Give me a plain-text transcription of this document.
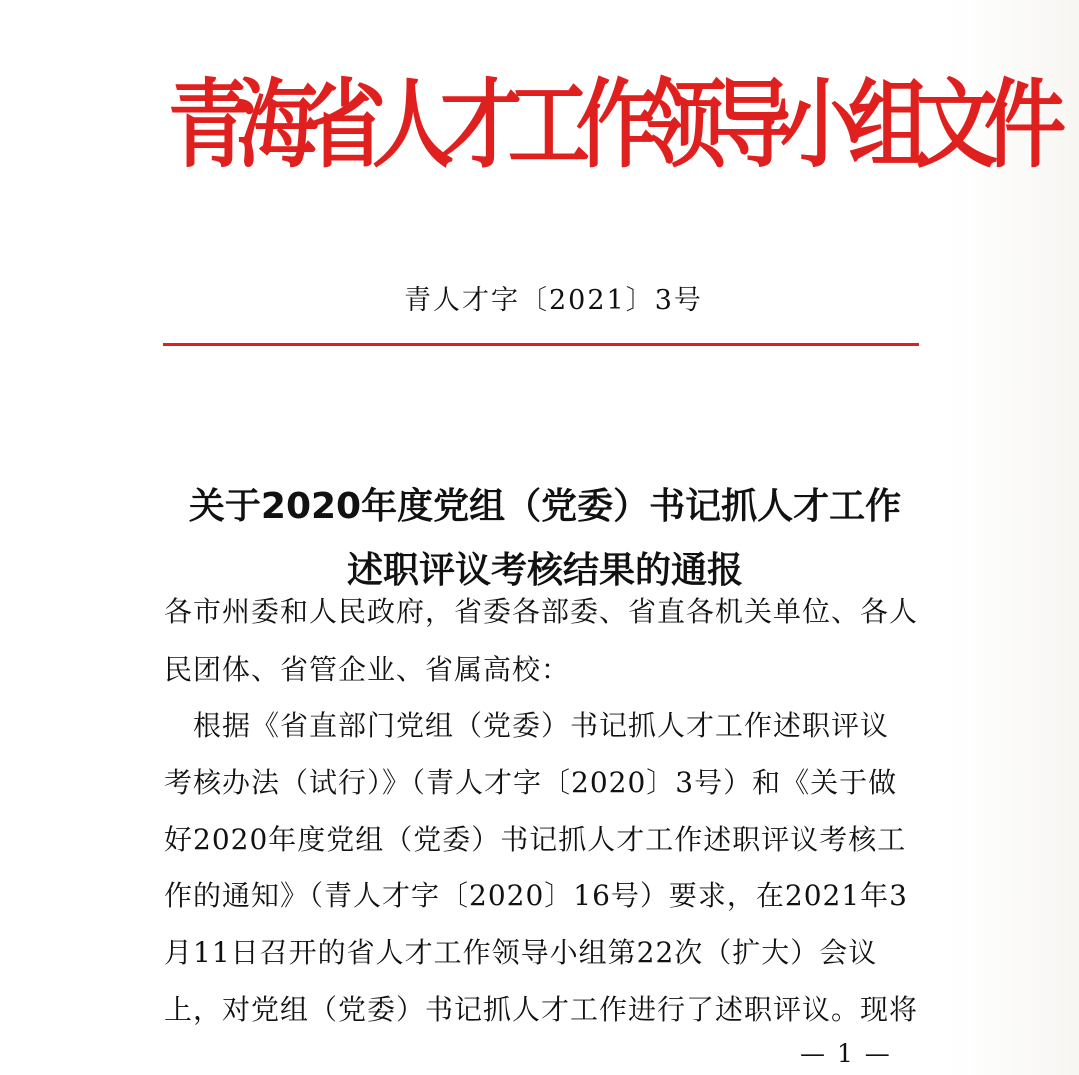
青海省人才工作领导小组文件
青人才字〔2021〕3号
关于2020年度党组（党委）书记抓人才工作
述职评议考核结果的通报
各市州委和人民政府，省委各部委、省直各机关单位、各人
民团体、省管企业、省属高校：
　根据《省直部门党组（党委）书记抓人才工作述职评议
考核办法（试行）》（青人才字〔2020〕3号）和《关于做
好2020年度党组（党委）书记抓人才工作述职评议考核工
作的通知》（青人才字〔2020〕16号）要求，在2021年3
月11日召开的省人才工作领导小组第22次（扩大）会议
上，对党组（党委）书记抓人才工作进行了述职评议。现将
— 1 —
